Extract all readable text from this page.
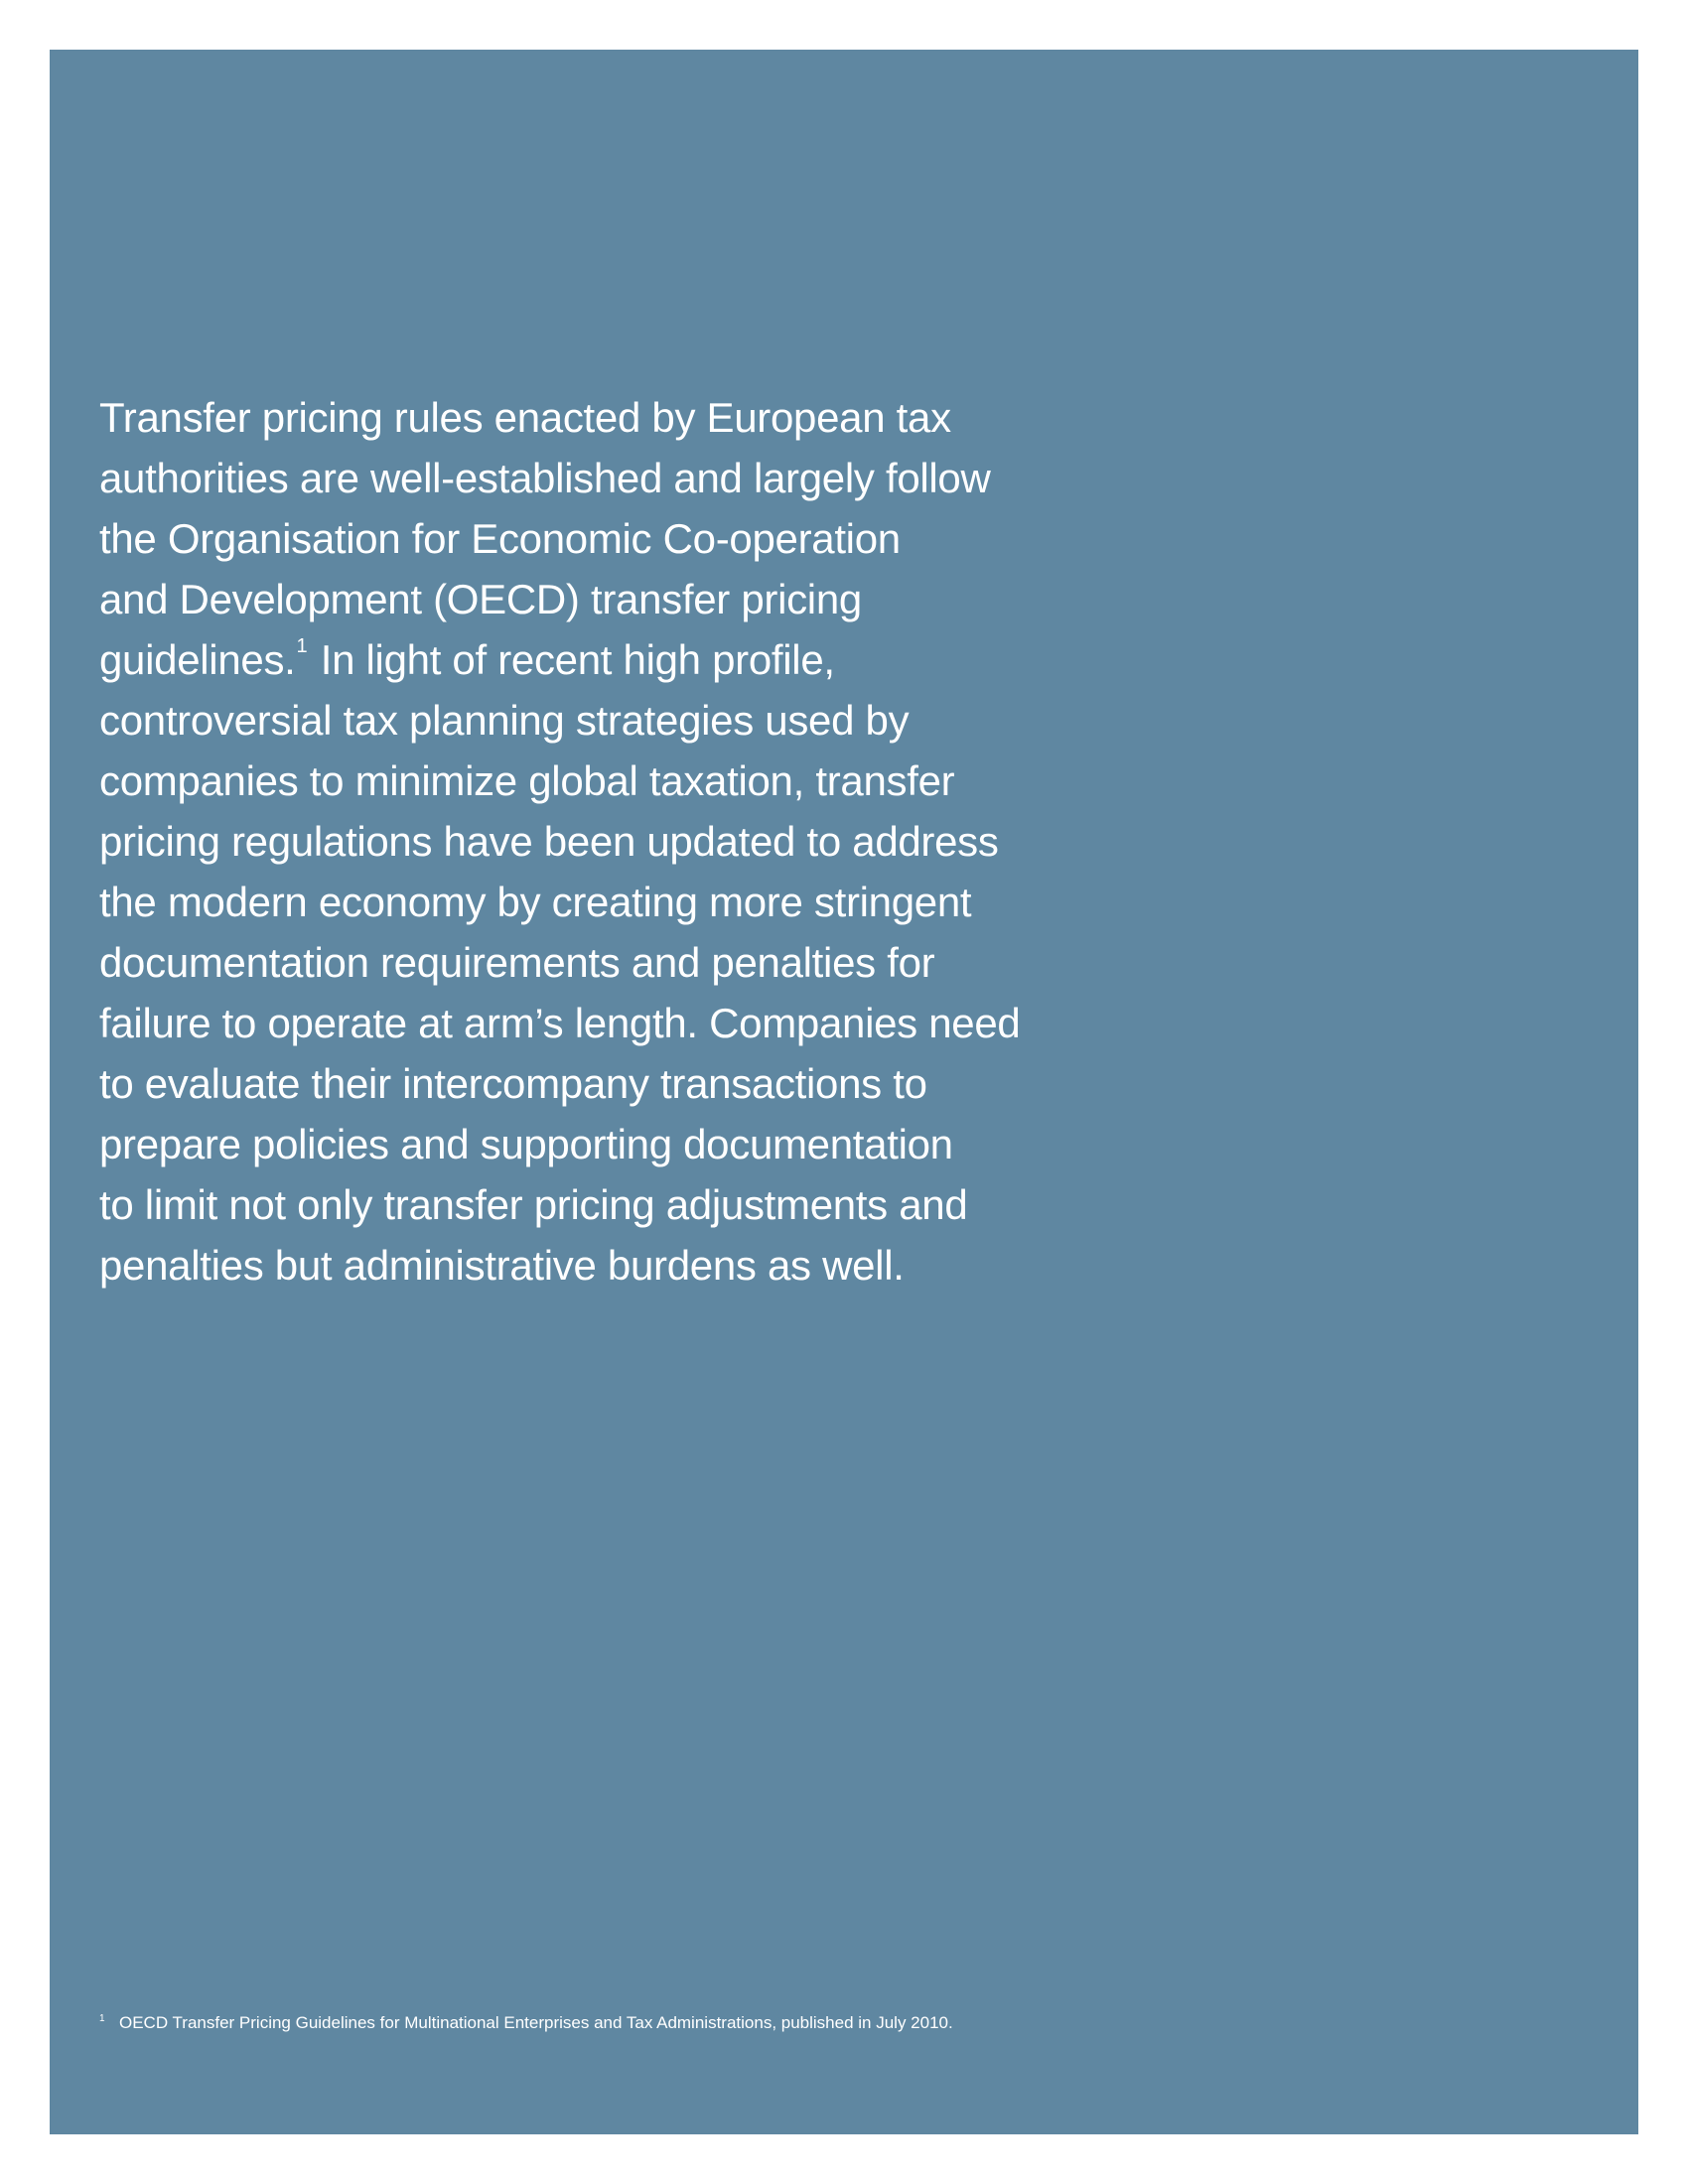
Transfer pricing rules enacted by European tax
authorities are well-established and largely follow
the Organisation for Economic Co-operation
and Development (OECD) transfer pricing
guidelines.$^1$ In light of recent high profile,
controversial tax planning strategies used by
companies to minimize global taxation, transfer
pricing regulations have been updated to address
the modern economy by creating more stringent
documentation requirements and penalties for
failure to operate at arm’s length. Companies need
to evaluate their intercompany transactions to
prepare policies and supporting documentation
to limit not only transfer pricing adjustments and
penalties but administrative burdens as well.

1 OECD Transfer Pricing Guidelines for Multinational Enterprises and Tax Administrations, published in July 2010.
